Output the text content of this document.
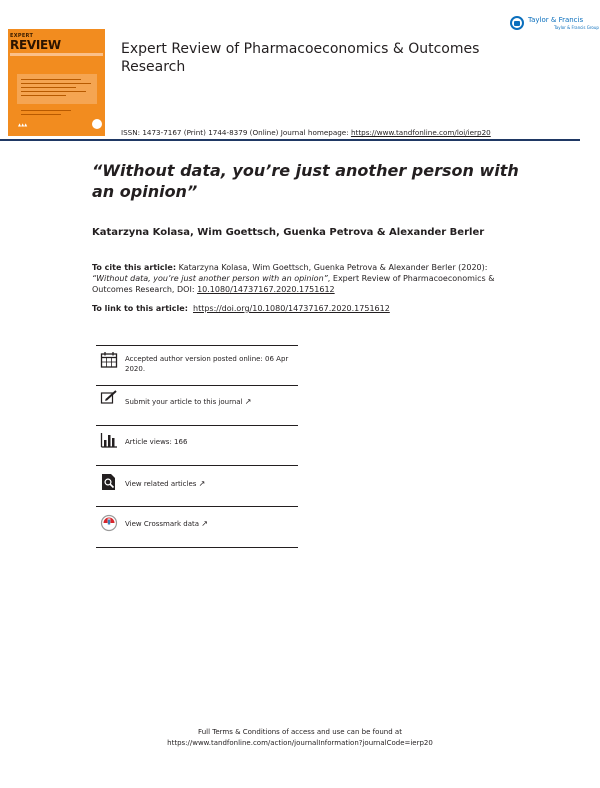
EXPERT
REVIEW
▲▲▲
Taylor & Francis
Taylor & Francis Group
Expert Review of Pharmacoeconomics & Outcomes Research
ISSN: 1473-7167 (Print) 1744-8379 (Online) Journal homepage: https://www.tandfonline.com/loi/ierp20
“Without data, you’re just another person with an opinion”
Katarzyna Kolasa, Wim Goettsch, Guenka Petrova & Alexander Berler
To cite this article: Katarzyna Kolasa, Wim Goettsch, Guenka Petrova & Alexander Berler (2020):
“Without data, you’re just another person with an opinion”, Expert Review of Pharmacoeconomics &
Outcomes Research, DOI: 10.1080/14737167.2020.1751612
To link to this article: https://doi.org/10.1080/14737167.2020.1751612
Accepted author version posted online: 06 Apr 2020.
Submit your article to this journal ↗
Article views: 166
View related articles ↗
View Crossmark data ↗
Full Terms & Conditions of access and use can be found at
https://www.tandfonline.com/action/journalInformation?journalCode=ierp20
